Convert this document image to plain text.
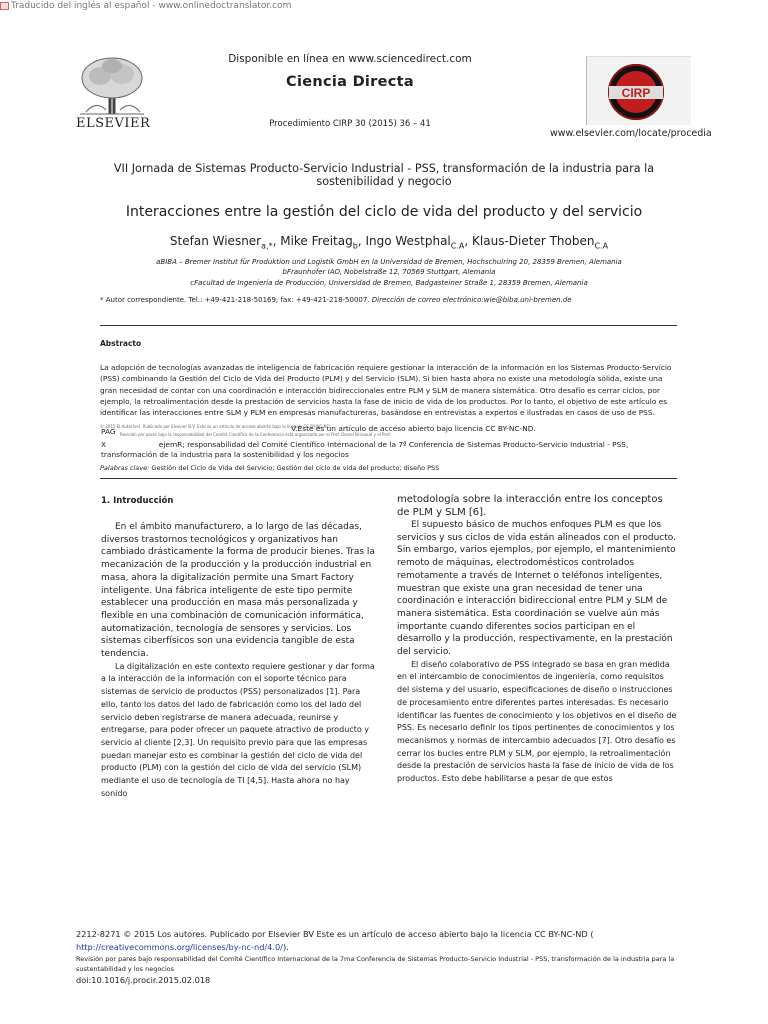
Traducido del inglés al español - www.onlinedoctranslator.com
ELSEVIER
Disponible en línea en www.sciencedirect.com
Ciencia Directa
Procedimiento CIRP 30 (2015) 36 – 41
CIRP
www.elsevier.com/locate/procedia
VII Jornada de Sistemas Producto-Servicio Industrial - PSS, transformación de la industria para la sostenibilidad y negocio
Interacciones entre la gestión del ciclo de vida del producto y del servicio
Stefan Wiesner$_{a,*}$, Mike Freitag$_b$, Ingo Westphal$_{C.A}$, Klaus-Dieter Thoben$_{C.A}$
aBIBA – Bremer Institut für Produktion und Logistik GmbH en la Universidad de Bremen, Hochschulring 20, 28359 Bremen, Alemania
bFraunhofer IAO, Nobelstraße 12, 70569 Stuttgart, Alemania
cFacultad de Ingeniería de Producción, Universidad de Bremen, Badgasteiner Straße 1, 28359 Bremen, Alemania
* Autor correspondiente. Tel.: +49-421-218-50169; fax: +49-421-218-50007. Dirección de correo electrónico:wie@biba.uni-bremen.de
Abstracto
La adopción de tecnologías avanzadas de inteligencia de fabricación requiere gestionar la interacción de la información en los Sistemas Producto-Servicio (PSS) combinando la Gestión del Ciclo de Vida del Producto (PLM) y del Servicio (SLM). Si bien hasta ahora no existe una metodología sólida, existe una gran necesidad de contar con una coordinación e interacción bidireccionales entre PLM y SLM de manera sistemática. Otro desafío es cerrar ciclos, por ejemplo, la retroalimentación desde la prestación de servicios hasta la fase de inicio de vida de los productos. Por lo tanto, el objetivo de este artículo es identificar las interacciones entre SLM y PLM en empresas manufactureras, basándose en entrevistas a expertos e ilustradas en casos de uso de PSS.
© 2015 El Autor(es). Publicado por Elsevier B.V. Este es un artículo de acceso abierto bajo la licencia CC BY-NC-ND. V.Este es un artículo de acceso abierto bajo licencia CC BY-NC-ND.
PAG Revisión por pares bajo la responsabilidad del Comité Científico de la Conferencia está organizada por el Prof. Daniel Brissaud y el Prof.
X	ejemR; responsabilidad del Comité Científico Internacional de la 7ª Conferencia de Sistemas Producto-Servicio Industrial - PSS, transformación de la industria para la sostenibilidad y los negocios
Palabras clave: Gestión del Ciclo de Vida del Servicio; Gestión del ciclo de vida del producto; diseño PSS
1. Introducción

En el ámbito manufacturero, a lo largo de las décadas, diversos trastornos tecnológicos y organizativos han cambiado drásticamente la forma de producir bienes. Tras la mecanización de la producción y la producción industrial en masa, ahora la digitalización permite una Smart Factory inteligente. Una fábrica inteligente de este tipo permite establecer una producción en masa más personalizada y flexible en una combinación de comunicación informática, automatización, tecnología de sensores y servicios. Los sistemas ciberfísicos son una evidencia tangible de esta tendencia.

La digitalización en este contexto requiere gestionar y dar forma a la interacción de la información con el soporte técnico para sistemas de servicio de productos (PSS) personalizados [1]. Para ello, tanto los datos del lado de fabricación como los del lado del servicio deben registrarse de manera adecuada, reunirse y entregarse, para poder ofrecer un paquete atractivo de producto y servicio al cliente [2,3]. Un requisito previo para que las empresas puedan manejar esto es combinar la gestión del ciclo de vida del producto (PLM) con la gestión del ciclo de vida del servicio (SLM) mediante el uso de tecnología de TI [4,5]. Hasta ahora no hay sonido

metodología sobre la interacción entre los conceptos de PLM y SLM [6].

El supuesto básico de muchos enfoques PLM es que los servicios y sus ciclos de vida están alineados con el producto. Sin embargo, varios ejemplos, por ejemplo, el mantenimiento remoto de máquinas, electrodomésticos controlados remotamente a través de Internet o teléfonos inteligentes, muestran que existe una gran necesidad de tener una coordinación e interacción bidireccional entre PLM y SLM de manera sistemática. Esta coordinación se vuelve aún más importante cuando diferentes socios participan en el desarrollo y la producción, respectivamente, en la prestación del servicio.

El diseño colaborativo de PSS integrado se basa en gran medida en el intercambio de conocimientos de ingeniería, como requisitos del sistema y del usuario, especificaciones de diseño o instrucciones de procesamiento entre diferentes partes interesadas. Es necesario identificar las fuentes de conocimiento y los objetivos en el diseño de PSS. Es necesario definir los tipos pertinentes de conocimientos y los mecanismos y normas de intercambio adecuados [7]. Otro desafío es cerrar los bucles entre PLM y SLM, por ejemplo, la retroalimentación desde la prestación de servicios hasta la fase de inicio de vida de los productos. Esto debe habilitarse a pesar de que estos

2212-8271 © 2015 Los autores. Publicado por Elsevier BV Este es un artículo de acceso abierto bajo la licencia CC BY-NC-ND (
http://creativecommons.org/licenses/by-nc-nd/4.0/).
Revisión por pares bajo responsabilidad del Comité Científico Internacional de la 7ma Conferencia de Sistemas Producto-Servicio Industrial - PSS, transformación de la industria para la sustentabilidad y los negocios
doi:10.1016/j.procir.2015.02.018
